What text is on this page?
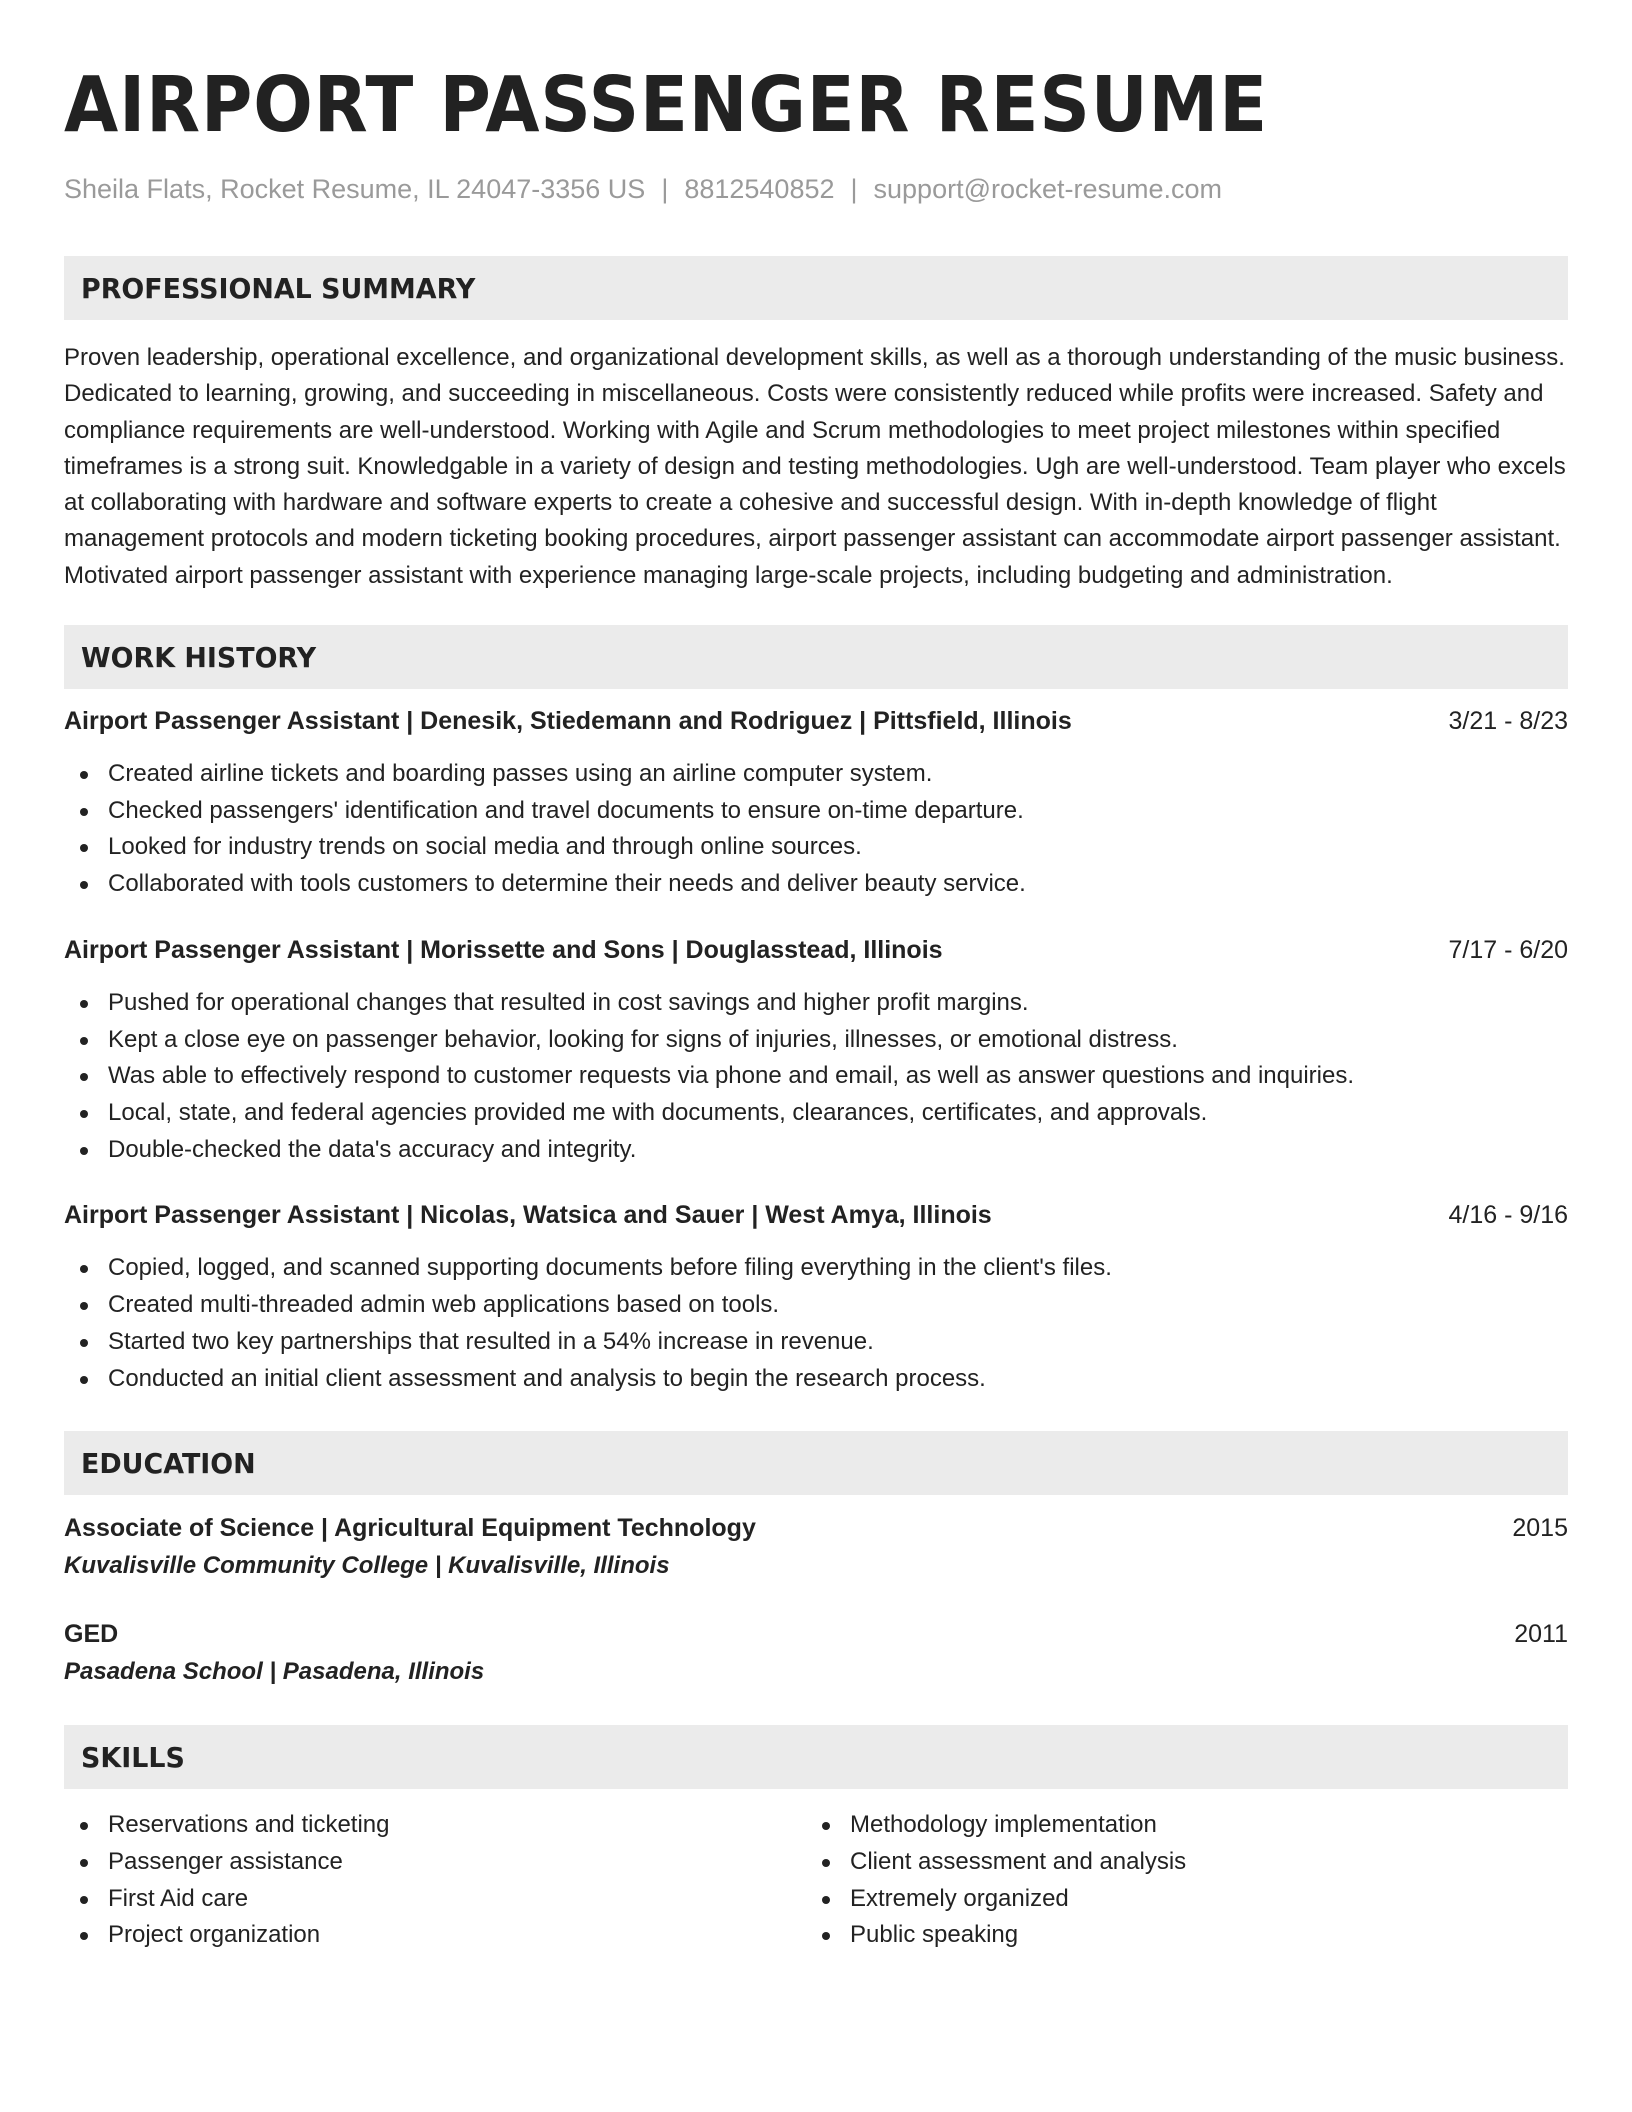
AIRPORT PASSENGER RESUME
Sheila Flats, Rocket Resume, IL 24047-3356 US | 8812540852 | support@rocket-resume.com
PROFESSIONAL SUMMARY

Proven leadership, operational excellence, and organizational development skills, as well as a thorough understanding of the music business. Dedicated to learning, growing, and succeeding in miscellaneous. Costs were consistently reduced while profits were increased. Safety and compliance requirements are well-understood. Working with Agile and Scrum methodologies to meet project milestones within specified timeframes is a strong suit. Knowledgable in a variety of design and testing methodologies. Ugh are well-understood. Team player who excels at collaborating with hardware and software experts to create a cohesive and successful design. With in-depth knowledge of flight management protocols and modern ticketing booking procedures, airport passenger assistant can accommodate airport passenger assistant. Motivated airport passenger assistant with experience managing large-scale projects, including budgeting and administration.

WORK HISTORY
Airport Passenger Assistant | Denesik, Stiedemann and Rodriguez | Pittsfield, Illinois	3/21 - 8/23
Created airline tickets and boarding passes using an airline computer system.
Checked passengers' identification and travel documents to ensure on-time departure.
Looked for industry trends on social media and through online sources.
Collaborated with tools customers to determine their needs and deliver beauty service.
Airport Passenger Assistant | Morissette and Sons | Douglasstead, Illinois	7/17 - 6/20
Pushed for operational changes that resulted in cost savings and higher profit margins.
Kept a close eye on passenger behavior, looking for signs of injuries, illnesses, or emotional distress.
Was able to effectively respond to customer requests via phone and email, as well as answer questions and inquiries.
Local, state, and federal agencies provided me with documents, clearances, certificates, and approvals.
Double-checked the data's accuracy and integrity.
Airport Passenger Assistant | Nicolas, Watsica and Sauer | West Amya, Illinois	4/16 - 9/16
Copied, logged, and scanned supporting documents before filing everything in the client's files.
Created multi-threaded admin web applications based on tools.
Started two key partnerships that resulted in a 54% increase in revenue.
Conducted an initial client assessment and analysis to begin the research process.
EDUCATION
Associate of Science | Agricultural Equipment Technology	2015
Kuvalisville Community College | Kuvalisville, Illinois
GED	2011
Pasadena School | Pasadena, Illinois
SKILLS
Reservations and ticketing
Passenger assistance
First Aid care
Project organization
Methodology implementation
Client assessment and analysis
Extremely organized
Public speaking
